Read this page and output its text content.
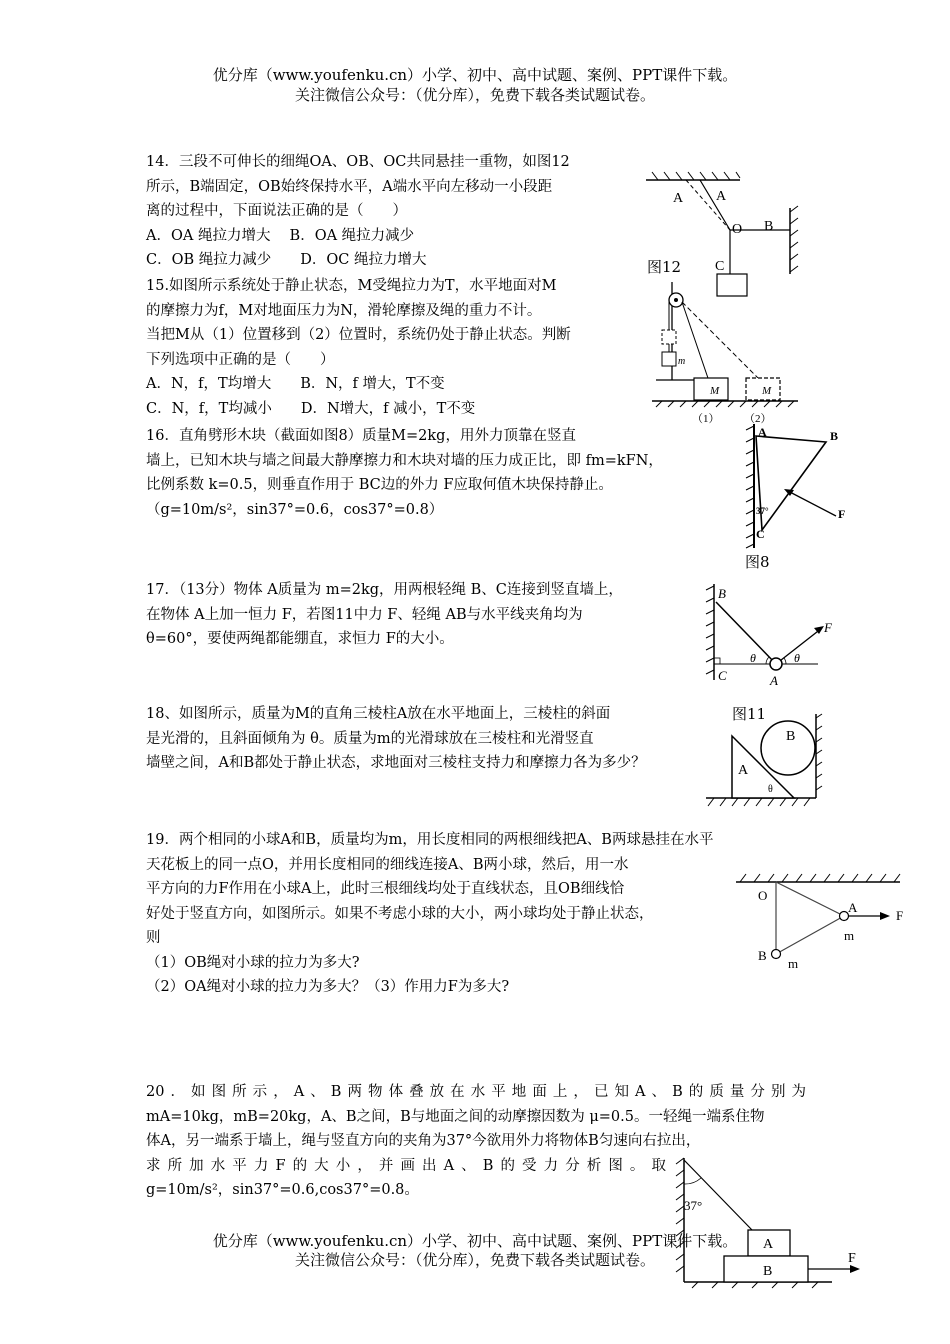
优分库（www.youfenku.cn）小学、初中、高中试题、案例、PPT课件下载。
关注微信公众号：（优分库），免费下载各类试题试卷。

14．三段不可伸长的细绳OA、OB、OC共同悬挂一重物，如图12

所示，B端固定，OB始终保持水平，A端水平向左移动一小段距

离的过程中，下面说法正确的是（　　）

A．OA 绳拉力增大　 B．OA 绳拉力减少

C．OB 绳拉力减少　　D．OC 绳拉力增大

A A
O B
C
图12

15.如图所示系统处于静止状态，M受绳拉力为T，水平地面对M

的摩擦力为f，M对地面压力为N，滑轮摩擦及绳的重力不计。

当把M从（1）位置移到（2）位置时，系统仍处于静止状态。判断

下列选项中正确的是（　　）

A．N，f，T均增大　　B．N，f 增大，T不变

C．N，f，T均减小　　D．N增大，f 减小，T不变

m
M	M
（1） （2）

16．直角劈形木块（截面如图8）质量M=2kg，用外力顶靠在竖直

墙上，已知木块与墙之间最大静摩擦力和木块对墙的压力成正比，即 fm=kFN，

比例系数 k=0.5，则垂直作用于 BC边的外力 F应取何值木块保持静止。

（g=10m/s²，sin37°=0.6，cos37°=0.8）

A	B
37°
C
F
图8

17．（13分）物体 A质量为 m=2kg，用两根轻绳 B、C连接到竖直墙上，

在物体 A上加一恒力 F，若图11中力 F、轻绳 AB与水平线夹角均为

θ=60°，要使两绳都能绷直，求恒力 F的大小。

B
F
θ	θ
C	A
图11

18、如图所示，质量为M的直角三棱柱A放在水平地面上，三棱柱的斜面

是光滑的，且斜面倾角为 θ。质量为m的光滑球放在三棱柱和光滑竖直

墙壁之间，A和B都处于静止状态，求地面对三棱柱支持力和摩擦力各为多少？

B
A
θ

19．两个相同的小球A和B，质量均为m，用长度相同的两根细线把A、B两球悬挂在水平

天花板上的同一点O，并用长度相同的细线连接A、B两小球，然后，用一水

平方向的力F作用在小球A上，此时三根细线均处于直线状态，且OB细线恰

好处于竖直方向，如图所示。如果不考虑小球的大小，两小球均处于静止状态，

则

（1）OB绳对小球的拉力为多大?

（2）OA绳对小球的拉力为多大？（3）作用力F为多大?

O
A
F
m
B
m

20．如图所示，A、B两物体叠放在水平地面上，已知A、B的质量分别为

mA=10kg，mB=20kg，A、B之间，B与地面之间的动摩擦因数为 μ=0.5。一轻绳一端系住物

体A，另一端系于墙上，绳与竖直方向的夹角为37°今欲用外力将物体B匀速向右拉出，

求所加水平力F的大小，并画出A、B的受力分析图。取

g=10m/s²，sin37°=0.6,cos37°=0.8。

37°
A
B
F
优分库（www.youfenku.cn）小学、初中、高中试题、案例、PPT课件下载。
关注微信公众号：（优分库），免费下载各类试题试卷。
